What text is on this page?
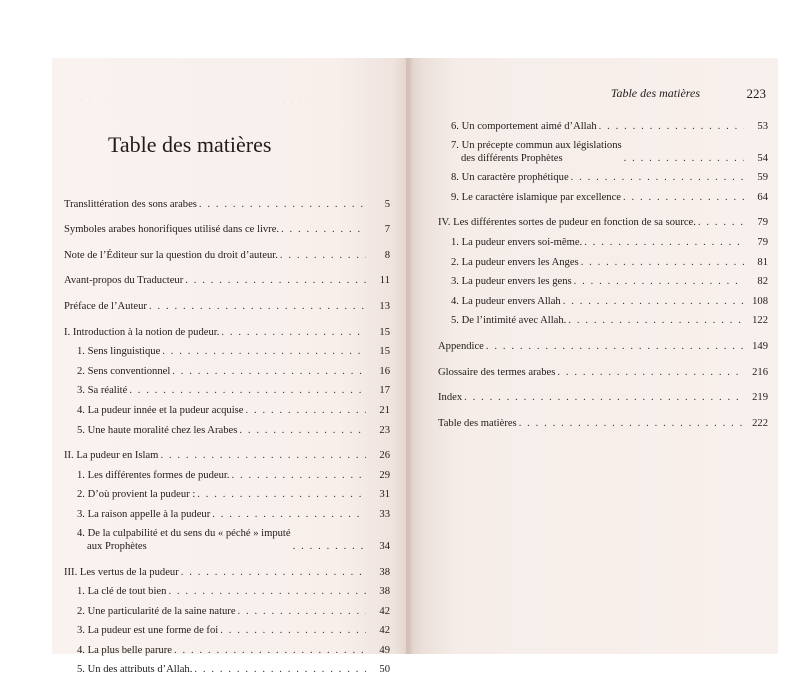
· · · · · · · ·	· · · · · · ·
Table des matières
Translittération des sons arabes . . .	5
Symboles arabes honorifiques utilisé dans ce livre. . . .	7
Note de l’Éditeur sur la question du droit d’auteur. . . .	8
Avant-propos du Traducteur . . .	11
Préface de l’Auteur . . .	13
I. Introduction à la notion de pudeur. . . .	15
1. Sens linguistique . . .	15
2. Sens conventionnel . . .	16
3. Sa réalité . . .	17
4. La pudeur innée et la pudeur acquise . . .	21
5. Une haute moralité chez les Arabes . . .	23
II. La pudeur en Islam . . .	26
1. Les différentes formes de pudeur. . . .	29
2. D’où provient la pudeur : . . .	31
3. La raison appelle à la pudeur . . .	33
4. De la culpabilité et du sens du « péché » imputé
aux Prophètes . . .	34
III. Les vertus de la pudeur . . .	38
1. La clé de tout bien . . .	38
2. Une particularité de la saine nature . . .	42
3. La pudeur est une forme de foi . . .	42
4. La plus belle parure . . .	49
5. Un des attributs d’Allah. . . .	50
Table des matières	223
6. Un comportement aimé d’Allah . . .	53
7. Un précepte commun aux législations
des différents Prophètes . . .	54
8. Un caractère prophétique . . .	59
9. Le caractère islamique par excellence . . .	64
IV. Les différentes sortes de pudeur en fonction de sa source. . . .	79
1. La pudeur envers soi-même. . . .	79
2. La pudeur envers les Anges . . .	81
3. La pudeur envers les gens . . .	82
4. La pudeur envers Allah . . .	108
5. De l’intimité avec Allah. . . .	122
Appendice . . .	149
Glossaire des termes arabes . . .	216
Index . . .	219
Table des matières . . .	222
